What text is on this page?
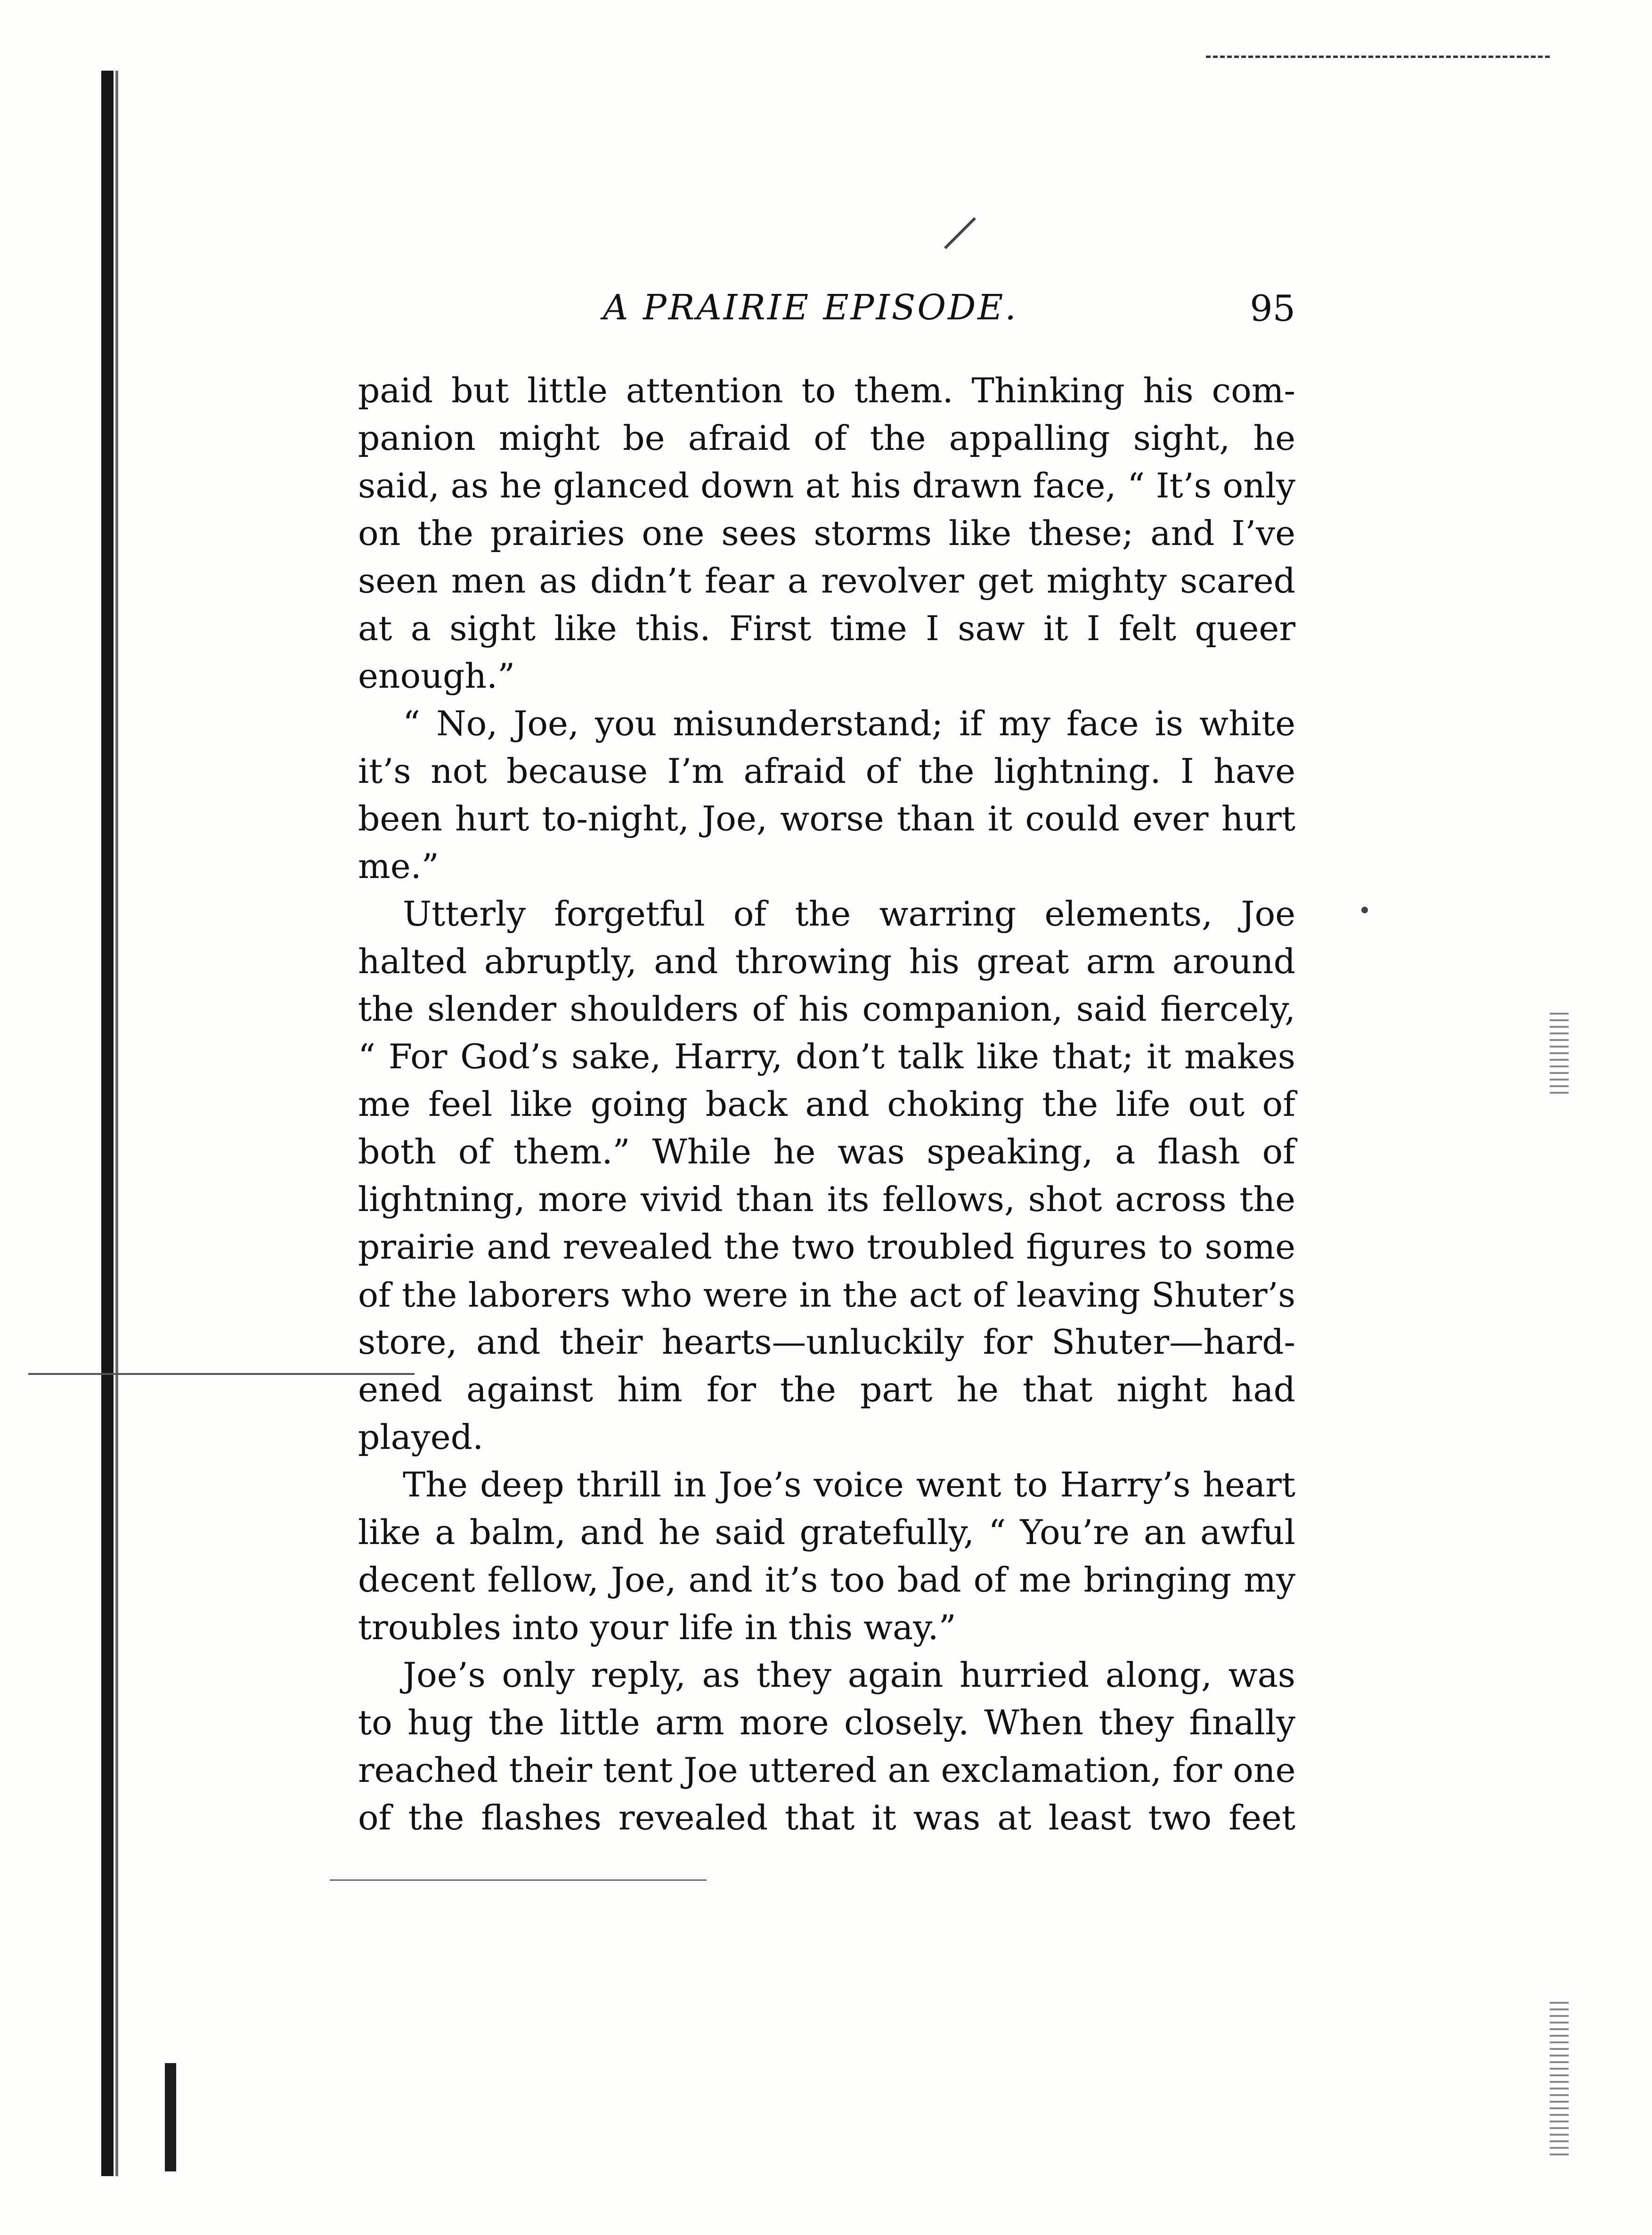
A PRAIRIE EPISODE.	95
paid but little attention to them. Thinking his com-
panion might be afraid of the appalling sight, he
said, as he glanced down at his drawn face, “ It’s only
on the prairies one sees storms like these; and I’ve
seen men as didn’t fear a revolver get mighty scared
at a sight like this. First time I saw it I felt queer
enough.”
“ No, Joe, you misunderstand; if my face is white
it’s not because I’m afraid of the lightning. I have
been hurt to-night, Joe, worse than it could ever hurt
me.”
Utterly forgetful of the warring elements, Joe
halted abruptly, and throwing his great arm around
the slender shoulders of his companion, said fiercely,
“ For God’s sake, Harry, don’t talk like that; it makes
me feel like going back and choking the life out of
both of them.” While he was speaking, a flash of
lightning, more vivid than its fellows, shot across the
prairie and revealed the two troubled figures to some
of the laborers who were in the act of leaving Shuter’s
store, and their hearts—unluckily for Shuter—hard-
ened against him for the part he that night had
played.
The deep thrill in Joe’s voice went to Harry’s heart
like a balm, and he said gratefully, “ You’re an awful
decent fellow, Joe, and it’s too bad of me bringing my
troubles into your life in this way.”
Joe’s only reply, as they again hurried along, was
to hug the little arm more closely. When they finally
reached their tent Joe uttered an exclamation, for one
of the flashes revealed that it was at least two feet
